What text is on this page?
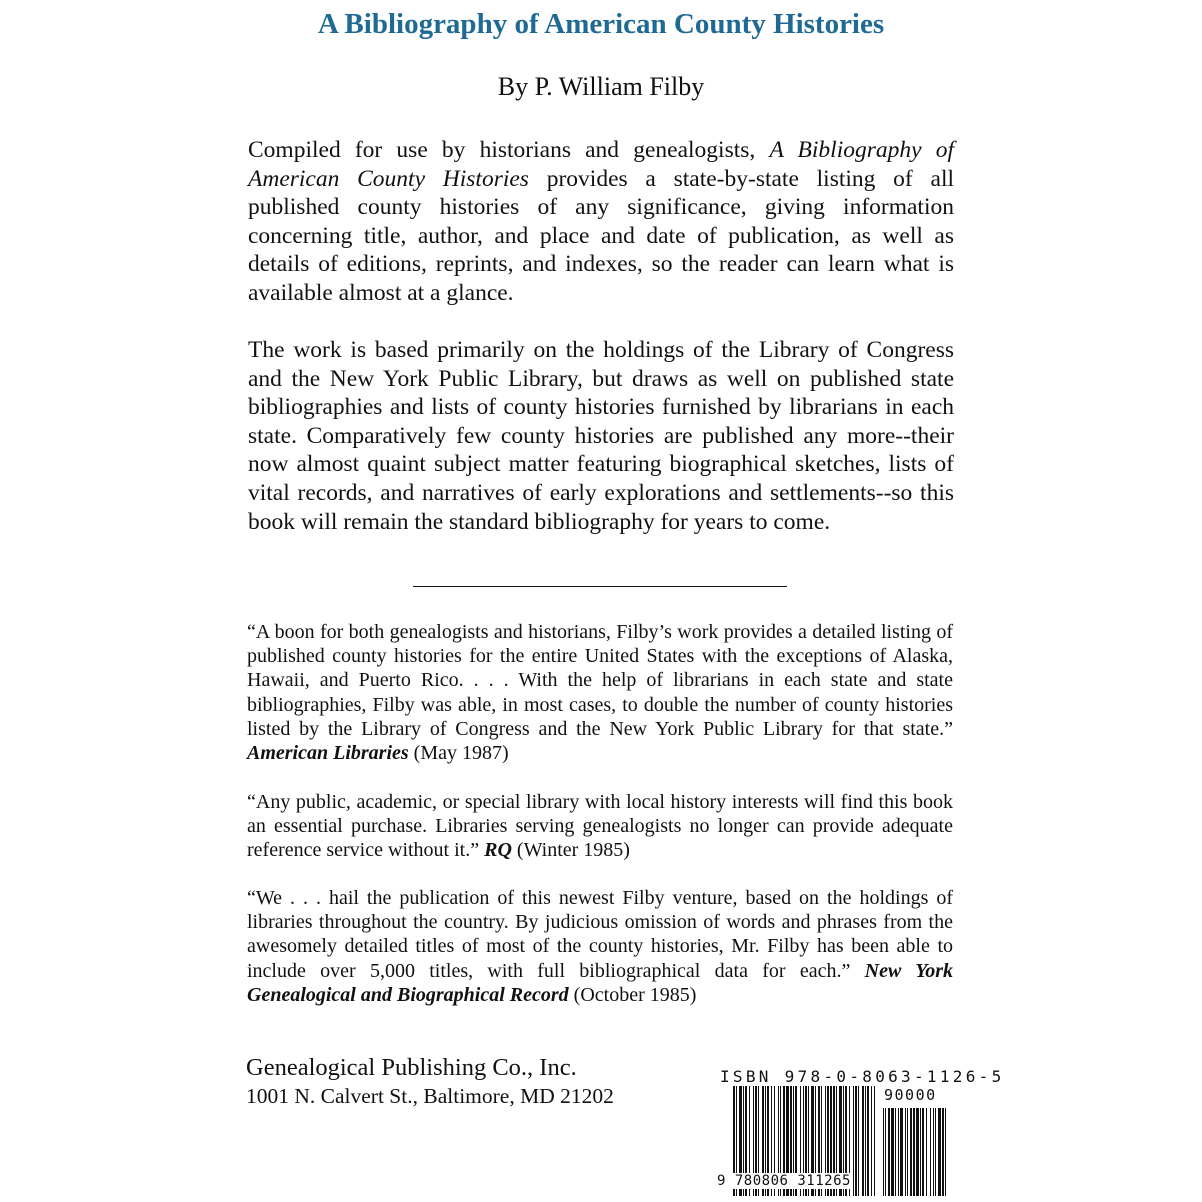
A Bibliography of American County Histories
By P. William Filby
Compiled for use by historians and genealogists, A Bibliography of American County Histories provides a state-by-state listing of all published county histories of any significance, giving information concerning title, author, and place and date of publication, as well as details of editions, reprints, and indexes, so the reader can learn what is available almost at a glance.
The work is based primarily on the holdings of the Library of Congress and the New York Public Library, but draws as well on published state bibliographies and lists of county histories furnished by librarians in each state. Comparatively few county histories are published any more--their now almost quaint subject matter featuring biographical sketches, lists of vital records, and narratives of early explorations and settlements--so this book will remain the standard bibliography for years to come.
“A boon for both genealogists and historians, Filby’s work provides a detailed listing of published county histories for the entire United States with the exceptions of Alaska, Hawaii, and Puerto Rico. . . . With the help of librarians in each state and state bibliographies, Filby was able, in most cases, to double the number of county histories listed by the Library of Congress and the New York Public Library for that state.” American Libraries (May 1987)
“Any public, academic, or special library with local history interests will find this book an essential purchase. Libraries serving genealogists no longer can provide adequate reference service without it.” RQ (Winter 1985)
“We . . . hail the publication of this newest Filby venture, based on the holdings of libraries throughout the country. By judicious omission of words and phrases from the awesomely detailed titles of most of the county histories, Mr. Filby has been able to include over 5,000 titles, with full bibliographical data for each.” New York Genealogical and Biographical Record (October 1985)
Genealogical Publishing Co., Inc.
1001 N. Calvert St., Baltimore, MD 21202
ISBN 978-0-8063-1126-5
90000
9 780806 311265
